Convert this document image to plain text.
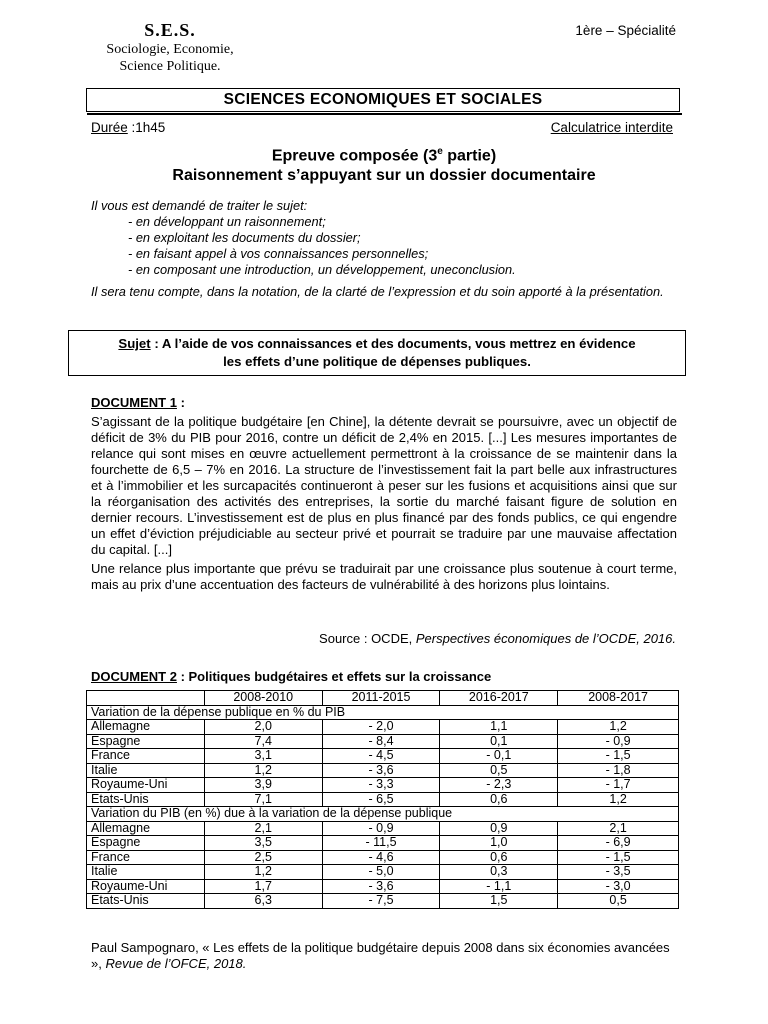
S.E.S.
Sociologie, Economie,
Science Politique.
1ère – Spécialité
SCIENCES ECONOMIQUES ET SOCIALES
Durée :1h45	Calculatrice interdite
Epreuve composée (3e partie)
Raisonnement s’appuyant sur un dossier documentaire
Il vous est demandé de traiter le sujet:
- en développant un raisonnement;
- en exploitant les documents du dossier;
- en faisant appel à vos connaissances personnelles;
- en composant une introduction, un développement, uneconclusion.
Il sera tenu compte, dans la notation, de la clarté de l’expression et du soin apporté à la présentation.
Sujet : A l’aide de vos connaissances et des documents, vous mettrez en évidence
les effets d’une politique de dépenses publiques.
DOCUMENT 1 :

S’agissant de la politique budgétaire [en Chine], la détente devrait se poursuivre, avec un objectif de déficit de 3% du PIB pour 2016, contre un déficit de 2,4% en 2015. [...] Les mesures importantes de relance qui sont mises en œuvre actuellement permettront à la croissance de se maintenir dans la fourchette de 6,5 – 7% en 2016. La structure de l’investissement fait la part belle aux infrastructures et à l’immobilier et les surcapacités continueront à peser sur les fusions et acquisitions ainsi que sur la réorganisation des activités des entreprises, la sortie du marché faisant figure de solution en dernier recours. L’investissement est de plus en plus financé par des fonds publics, ce qui engendre un effet d’éviction préjudiciable au secteur privé et pourrait se traduire par une mauvaise affectation du capital. [...]

Une relance plus importante que prévu se traduirait par une croissance plus soutenue à court terme, mais au prix d’une accentuation des facteurs de vulnérabilité à des horizons plus lointains.

Source : OCDE, Perspectives économiques de l’OCDE, 2016.
DOCUMENT 2 : Politiques budgétaires et effets sur la croissance
	2008-2010	2011-2015	2016-2017	2008-2017
Variation de la dépense publique en % du PIB				
Allemagne	2,0	- 2,0	1,1	1,2
Espagne	7,4	- 8,4	0,1	- 0,9
France	3,1	- 4,5	- 0,1	- 1,5
Italie	1,2	- 3,6	0,5	- 1,8
Royaume-Uni	3,9	- 3,3	- 2,3	- 1,7
Etats-Unis	7,1	- 6,5	0,6	1,2
Variation du PIB (en %) due à la variation de la dépense publique				
Allemagne	2,1	- 0,9	0,9	2,1
Espagne	3,5	- 11,5	1,0	- 6,9
France	2,5	- 4,6	0,6	- 1,5
Italie	1,2	- 5,0	0,3	- 3,5
Royaume-Uni	1,7	- 3,6	- 1,1	- 3,0
Etats-Unis	6,3	- 7,5	1,5	0,5
Paul Sampognaro, « Les effets de la politique budgétaire depuis 2008 dans six économies avancées », Revue de l’OFCE, 2018.
